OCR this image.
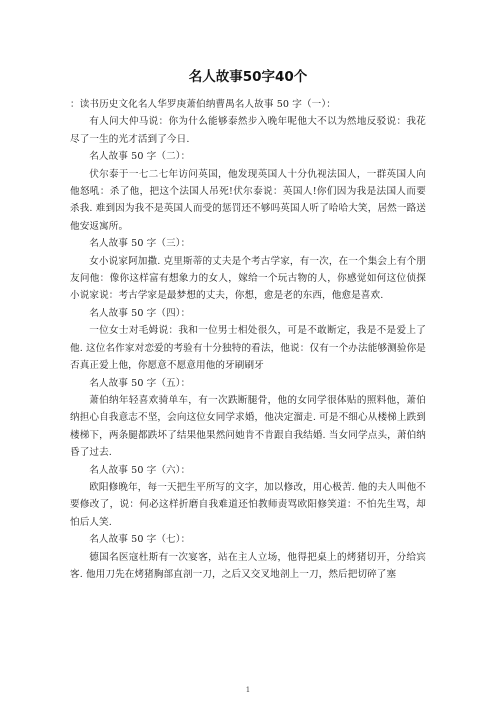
名人故事50字40个

：读书历史文化名人华罗庚萧伯纳曹禺名人故事 50 字（一）：

有人问大仲马说：你为什么能够泰然步入晚年呢他大不以为然地反驳说：我花尽了一生的光才活到了今日.

名人故事 50 字（二）：

伏尔泰于一七二七年访问英国，他发现英国人十分仇视法国人，一群英国人向他怒吼：杀了他，把这个法国人吊死!伏尔泰说：英国人!你们因为我是法国人而要杀我. 难到因为我不是英国人而受的惩罚还不够吗英国人听了哈哈大笑，居然一路送他安返寓所。

名人故事 50 字（三）：

女小说家阿加撒. 克里斯蒂的丈夫是个考古学家，有一次，在一个集会上有个朋友问他：像你这样富有想象力的女人，嫁给一个玩古物的人，你感觉如何这位侦探小说家说：考古学家是最梦想的丈夫，你想，愈是老的东西，他愈是喜欢.

名人故事 50 字（四）：

一位女士对毛姆说：我和一位男士相处很久，可是不敢断定，我是不是爱上了他. 这位名作家对恋爱的考验有十分独特的看法，他说：仅有一个办法能够测验你是否真正爱上他，你愿意不愿意用他的牙刷刷牙

名人故事 50 字（五）：

萧伯纳年轻喜欢骑单车，有一次跌断腿骨，他的女同学很体贴的照料他，萧伯纳担心自我意志不坚，会向这位女同学求婚，他决定溜走. 可是不细心从楼梯上跌到楼梯下，两条腿都跌坏了结果他果然问她肯不肯跟自我结婚. 当女同学点头，萧伯纳昏了过去.

名人故事 50 字（六）：

欧阳修晚年，每一天把生平所写的文字，加以修改，用心极苦. 他的夫人叫他不要修改了，说：何必这样折磨自我难道还怕教师责骂欧阳修笑道：不怕先生骂，却怕后人笑.

名人故事 50 字（七）：

德国名医寇杜斯有一次宴客，站在主人立场，他得把桌上的烤猪切开，分给宾客. 他用刀先在烤猪胸部直剖一刀，之后又交叉地剖上一刀，然后把切碎了塞

1
